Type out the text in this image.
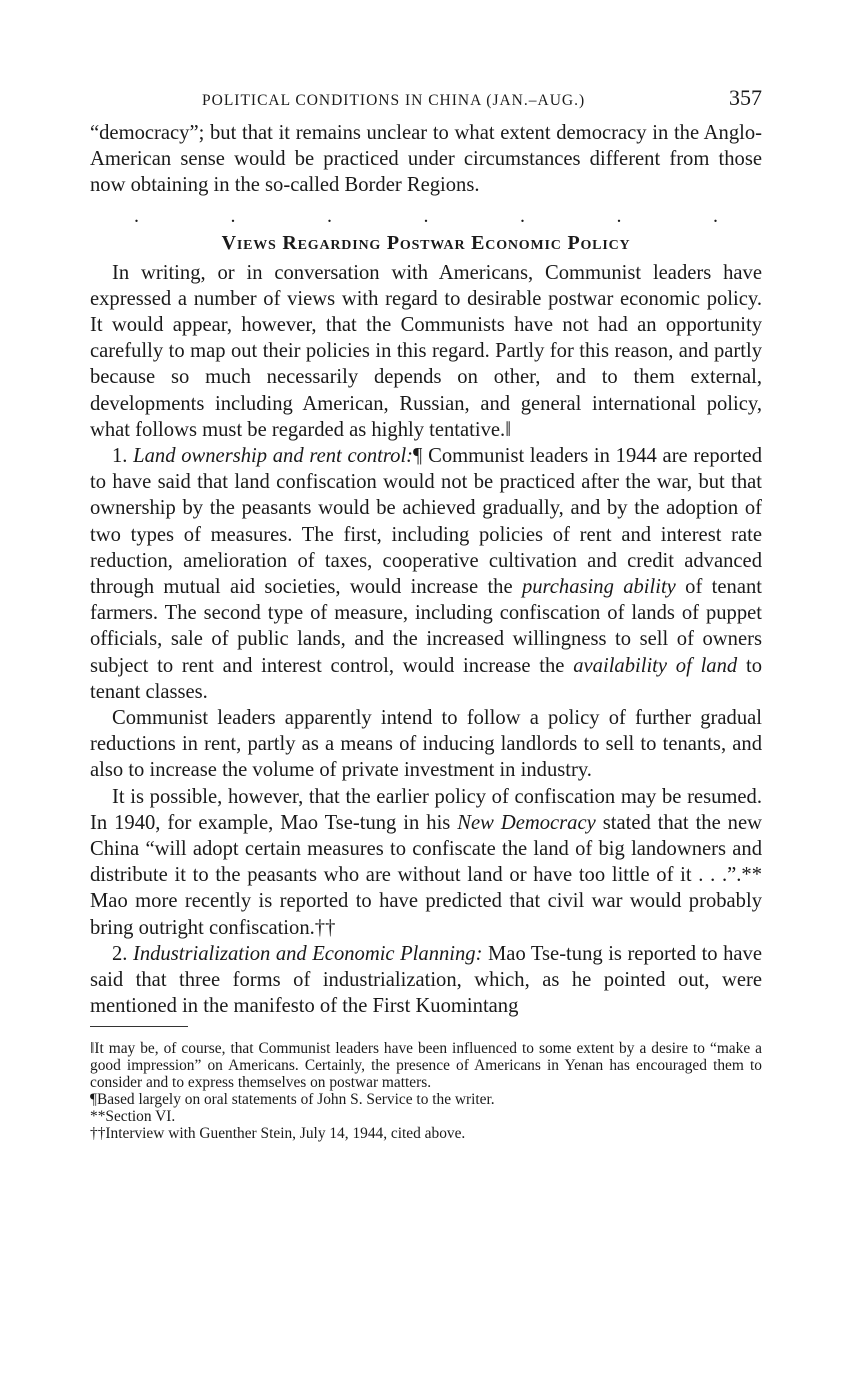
POLITICAL CONDITIONS IN CHINA (JAN.–AUG.)	357

“democracy”; but that it remains unclear to what extent democracy in the Anglo-American sense would be practiced under circumstances different from those now obtaining in the so-called Border Regions.

.	.	.	.	.	.	.
Views Regarding Postwar Economic Policy

In writing, or in conversation with Americans, Communist leaders have expressed a number of views with regard to desirable postwar economic policy. It would appear, however, that the Communists have not had an opportunity carefully to map out their policies in this regard. Partly for this reason, and partly because so much necessarily depends on other, and to them external, developments including American, Russian, and general international policy, what follows must be regarded as highly tentative.‖

1. Land ownership and rent control:¶ Communist leaders in 1944 are reported to have said that land confiscation would not be practiced after the war, but that ownership by the peasants would be achieved gradually, and by the adoption of two types of measures. The first, including policies of rent and interest rate reduction, amelioration of taxes, cooperative cultivation and credit advanced through mutual aid societies, would increase the purchasing ability of tenant farmers. The second type of measure, including confiscation of lands of puppet officials, sale of public lands, and the increased willingness to sell of owners subject to rent and interest control, would increase the availability of land to tenant classes.

Communist leaders apparently intend to follow a policy of further gradual reductions in rent, partly as a means of inducing landlords to sell to tenants, and also to increase the volume of private investment in industry.

It is possible, however, that the earlier policy of confiscation may be resumed. In 1940, for example, Mao Tse-tung in his New Democracy stated that the new China “will adopt certain measures to confiscate the land of big landowners and distribute it to the peasants who are without land or have too little of it . . .”.** Mao more recently is reported to have predicted that civil war would probably bring outright confiscation.††

2. Industrialization and Economic Planning: Mao Tse-tung is reported to have said that three forms of industrialization, which, as he pointed out, were mentioned in the manifesto of the First Kuomintang

‖It may be, of course, that Communist leaders have been influenced to some extent by a desire to “make a good impression” on Americans. Certainly, the presence of Americans in Yenan has encouraged them to consider and to express themselves on postwar matters.

¶Based largely on oral statements of John S. Service to the writer.

**Section VI.

††Interview with Guenther Stein, July 14, 1944, cited above.
